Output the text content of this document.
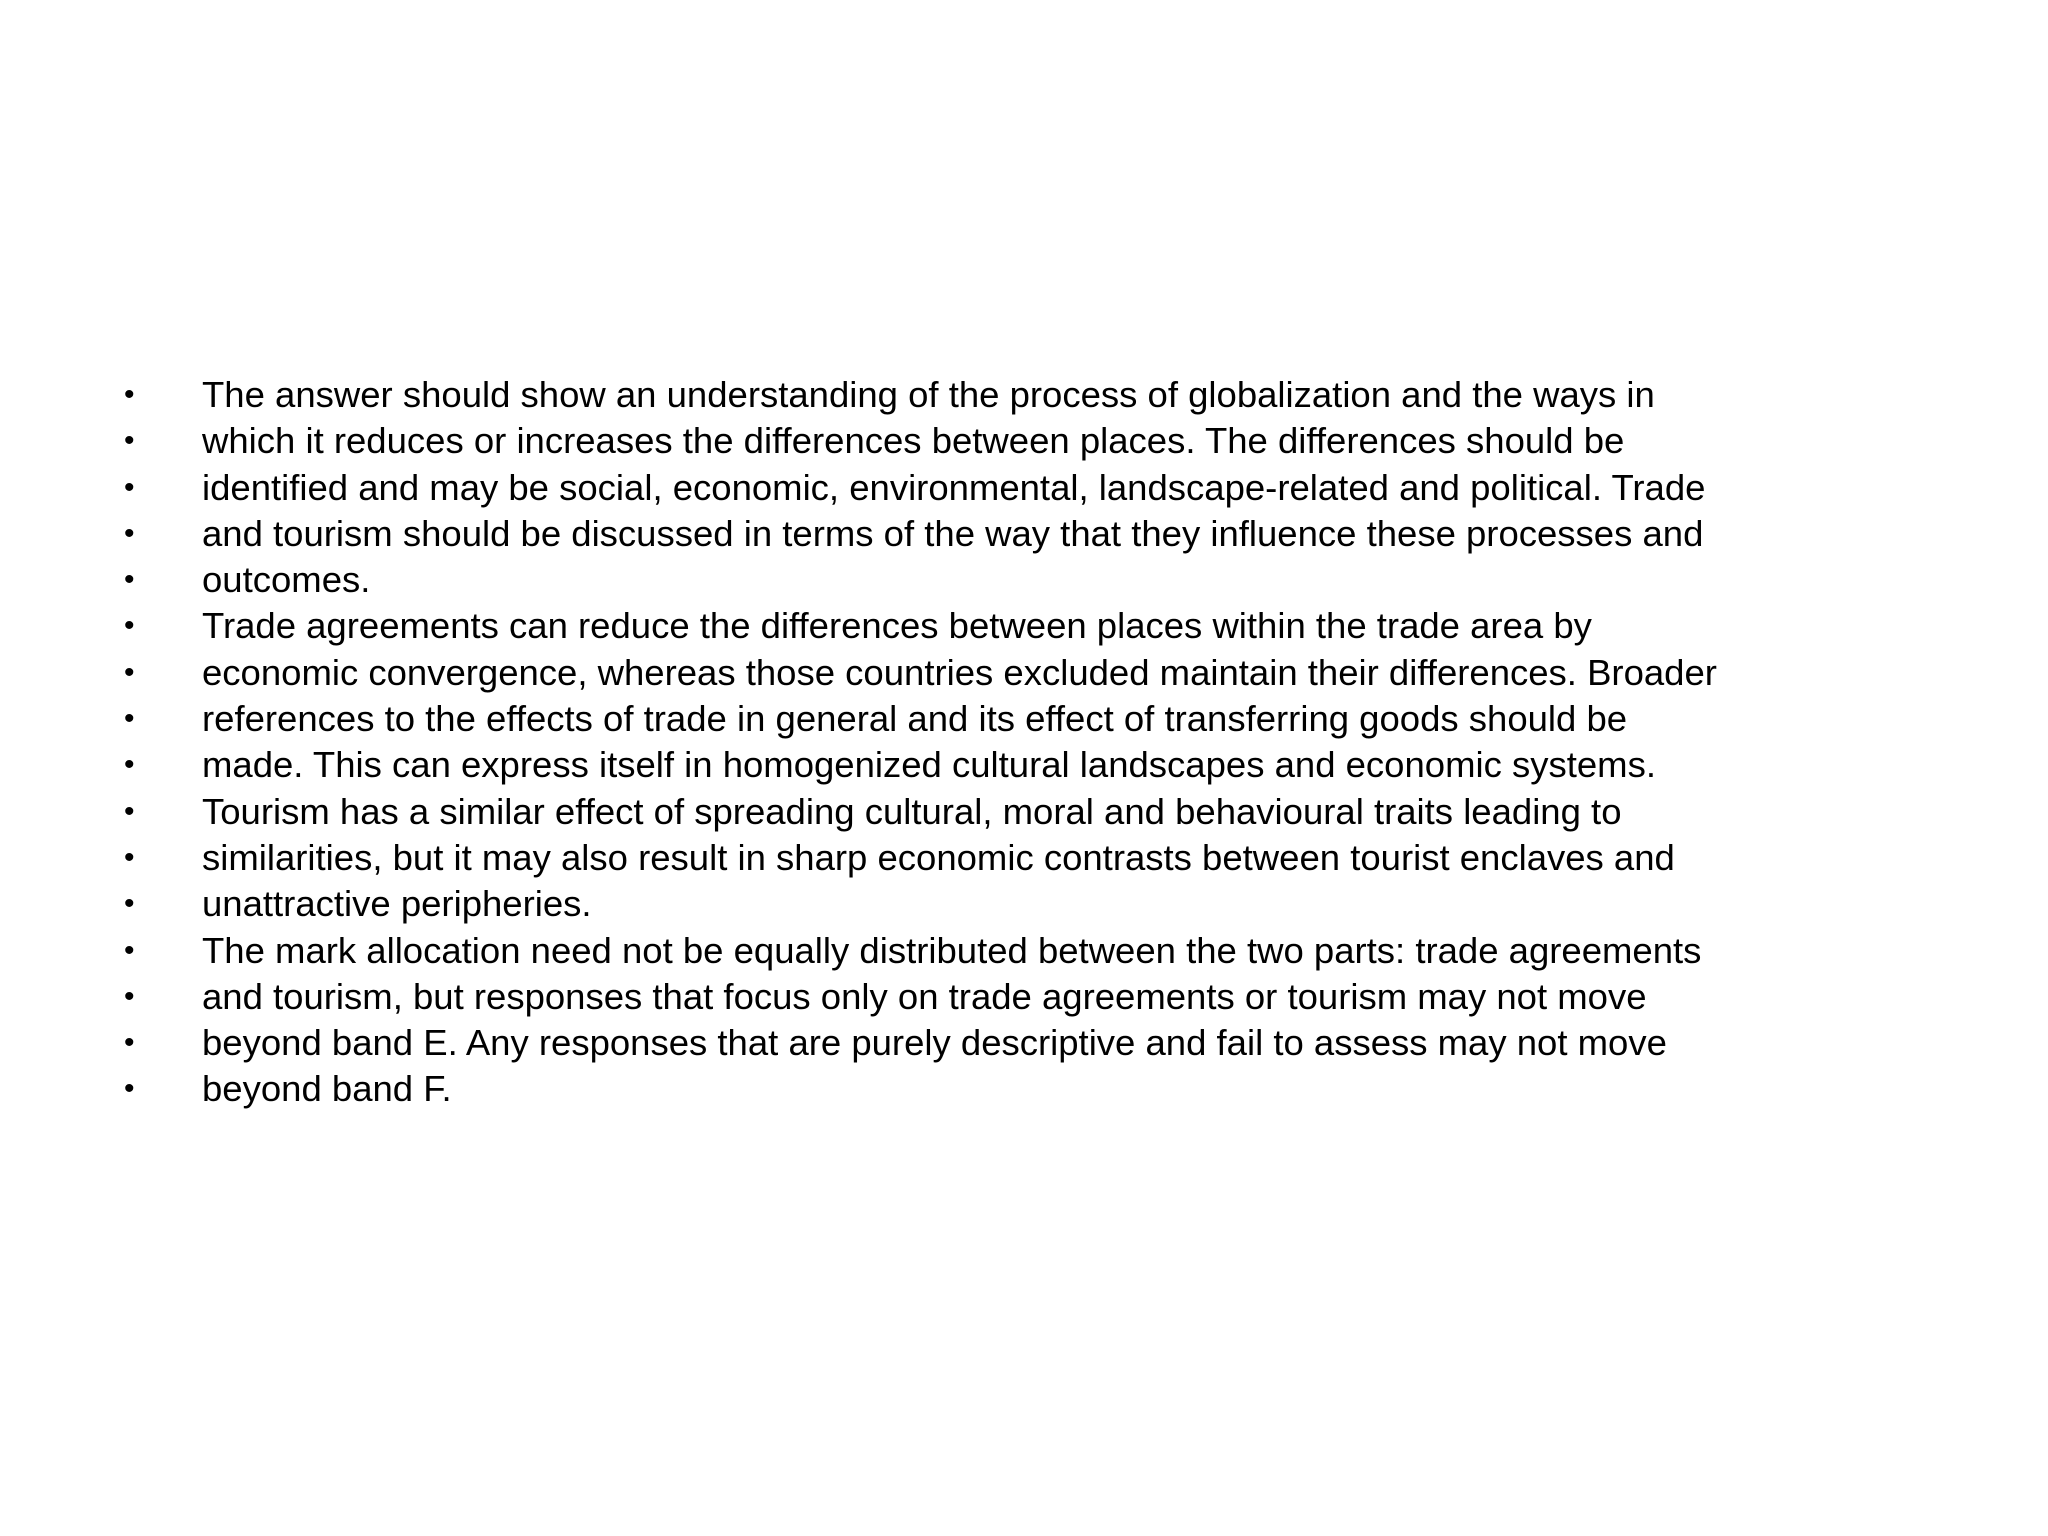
• The answer should show an understanding of the process of globalization and the ways in
• which it reduces or increases the differences between places. The differences should be
• identified and may be social, economic, environmental, landscape-related and political. Trade
• and tourism should be discussed in terms of the way that they influence these processes and
• outcomes.
• Trade agreements can reduce the differences between places within the trade area by
• economic convergence, whereas those countries excluded maintain their differences. Broader
• references to the effects of trade in general and its effect of transferring goods should be
• made. This can express itself in homogenized cultural landscapes and economic systems.
• Tourism has a similar effect of spreading cultural, moral and behavioural traits leading to
• similarities, but it may also result in sharp economic contrasts between tourist enclaves and
• unattractive peripheries.
• The mark allocation need not be equally distributed between the two parts: trade agreements
• and tourism, but responses that focus only on trade agreements or tourism may not move
• beyond band E. Any responses that are purely descriptive and fail to assess may not move
• beyond band F.
